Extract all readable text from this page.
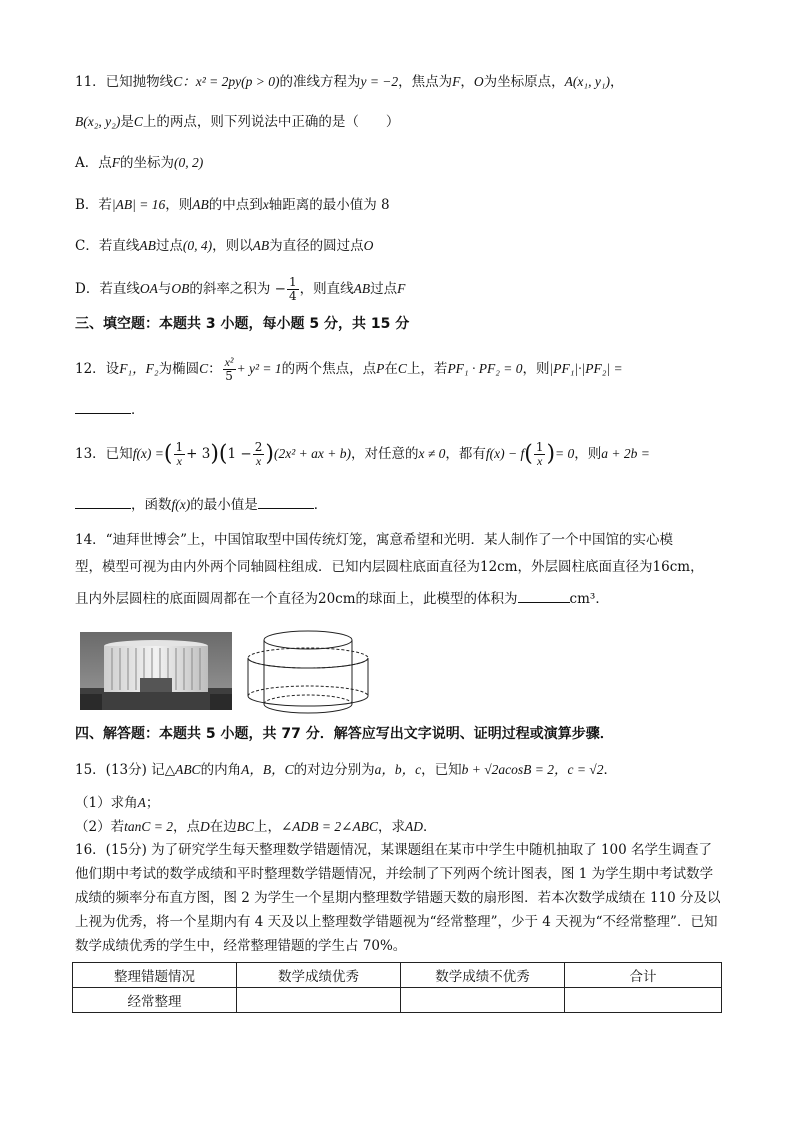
11．已知抛物线C：x² = 2py(p > 0)的准线方程为y = −2，焦点为F，O为坐标原点，A(x₁, y₁)，
B(x₂, y₂)是C上的两点，则下列说法中正确的是（　　）
A．点F的坐标为(0, 2)
B．若|AB| = 16，则AB的中点到x轴距离的最小值为 8
C．若直线AB过点(0, 4)，则以AB为直径的圆过点O
D．若直线OA与OB的斜率之积为 − $\frac{1}{4}$ ，则直线AB过点F
三、填空题：本题共 3 小题，每小题 5 分，共 15 分
12．设F₁，F₂为椭圆C： $\frac{\text{x²}}{5} + y^2 = 1$的两个焦点，点P在C上，若PF₁ · PF₂ = 0，则|PF₁|·|PF₂| =
．
13．已知f(x) =( $\frac{1}{x} + 3)(1 - \frac{2}{x} )(2x^2$ + ax + b)，对任意的x ≠ 0，都有$f(x) - f( \frac{1}{x}$ )= 0，则a + 2b =
，函数f(x)的最小值是	．
14．“迪拜世博会”上，中国馆取型中国传统灯笼，寓意希望和光明．某人制作了一个中国馆的实心模
型，模型可视为由内外两个同轴圆柱组成．已知内层圆柱底面直径为12cm，外层圆柱底面直径为16cm，
且内外层圆柱的底面圆周都在一个直径为20cm的球面上，此模型的体积为	cm³．
四、解答题：本题共 5 小题，共 77 分．解答应写出文字说明、证明过程或演算步骤．
15．(13分) 记△ABC的内角A，B，C的对边分别为a，b，c，已知b + √2acosB = 2，c = √2．
（1）求角A；
（2）若tanC = 2，点D在边BC上，∠ADB = 2∠ABC，求AD．
16．(15分) 为了研究学生每天整理数学错题情况，某课题组在某市中学生中随机抽取了 100 名学生调查了他们期中考试的数学成绩和平时整理数学错题情况，并绘制了下列两个统计图表，图 1 为学生期中考试数学成绩的频率分布直方图，图 2 为学生一个星期内整理数学错题天数的扇形图．若本次数学成绩在 110 分及以上视为优秀，将一个星期内有 4 天及以上整理数学错题视为“经常整理”，少于 4 天视为“不经常整理”．已知数学成绩优秀的学生中，经常整理错题的学生占 70%。
整理错题情况	数学成绩优秀	数学成绩不优秀	合计
经常整理			
